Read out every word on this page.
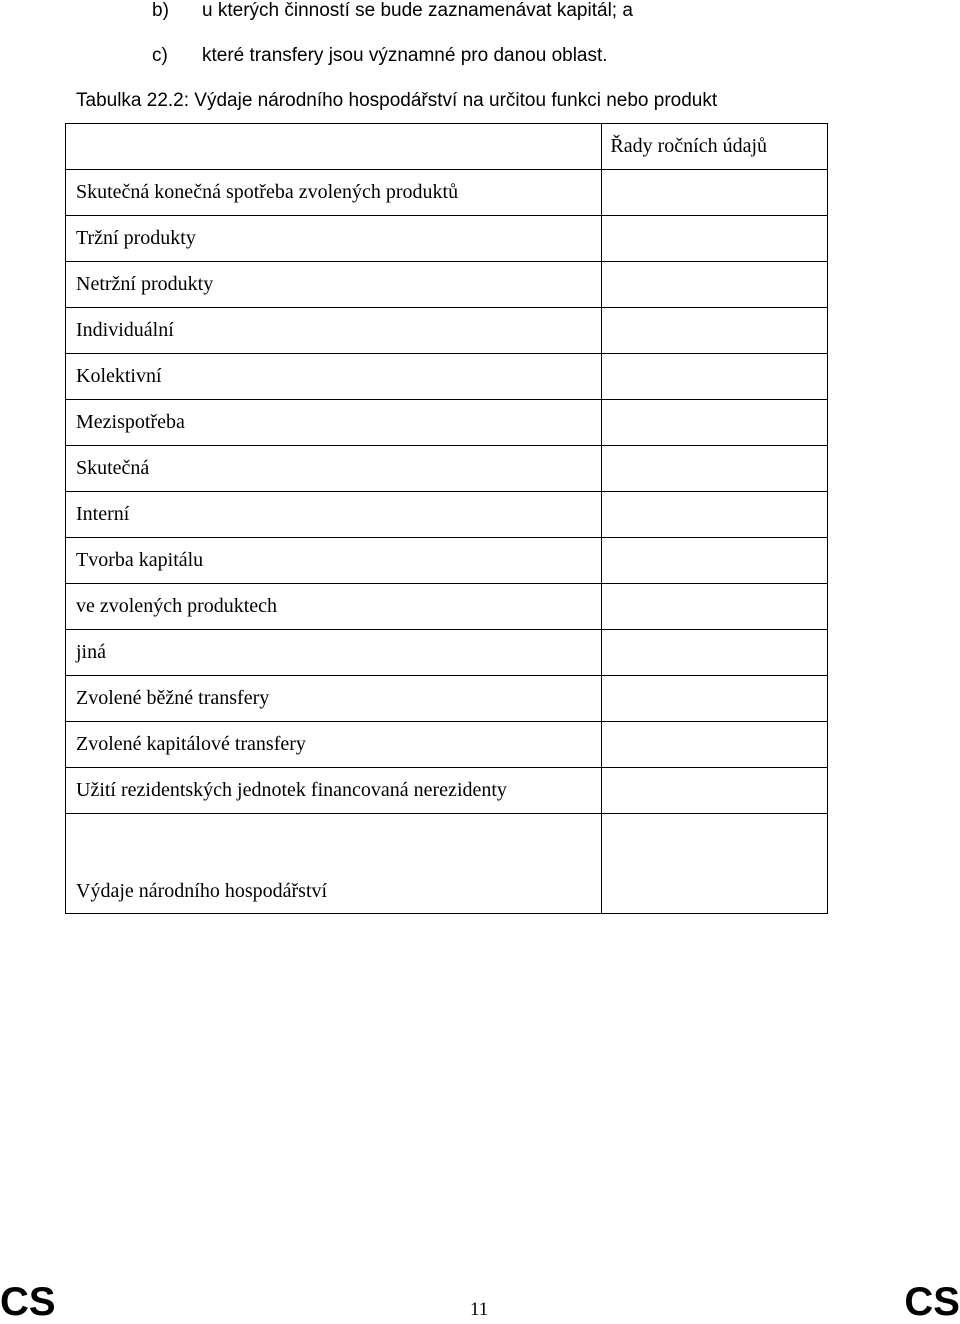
b) u kterých činností se bude zaznamenávat kapitál; a
c) které transfery jsou významné pro danou oblast.
Tabulka 22.2: Výdaje národního hospodářství na určitou funkci nebo produkt
	Řady ročních údajů
Skutečná konečná spotřeba zvolených produktů	
Tržní produkty	
Netržní produkty	
Individuální	
Kolektivní	
Mezispotřeba	
Skutečná	
Interní	
Tvorba kapitálu	
ve zvolených produktech	
jiná	
Zvolené běžné transfery	
Zvolené kapitálové transfery	
Užití rezidentských jednotek financovaná nerezidenty	
Výdaje národního hospodářství	
CS	11	CS
